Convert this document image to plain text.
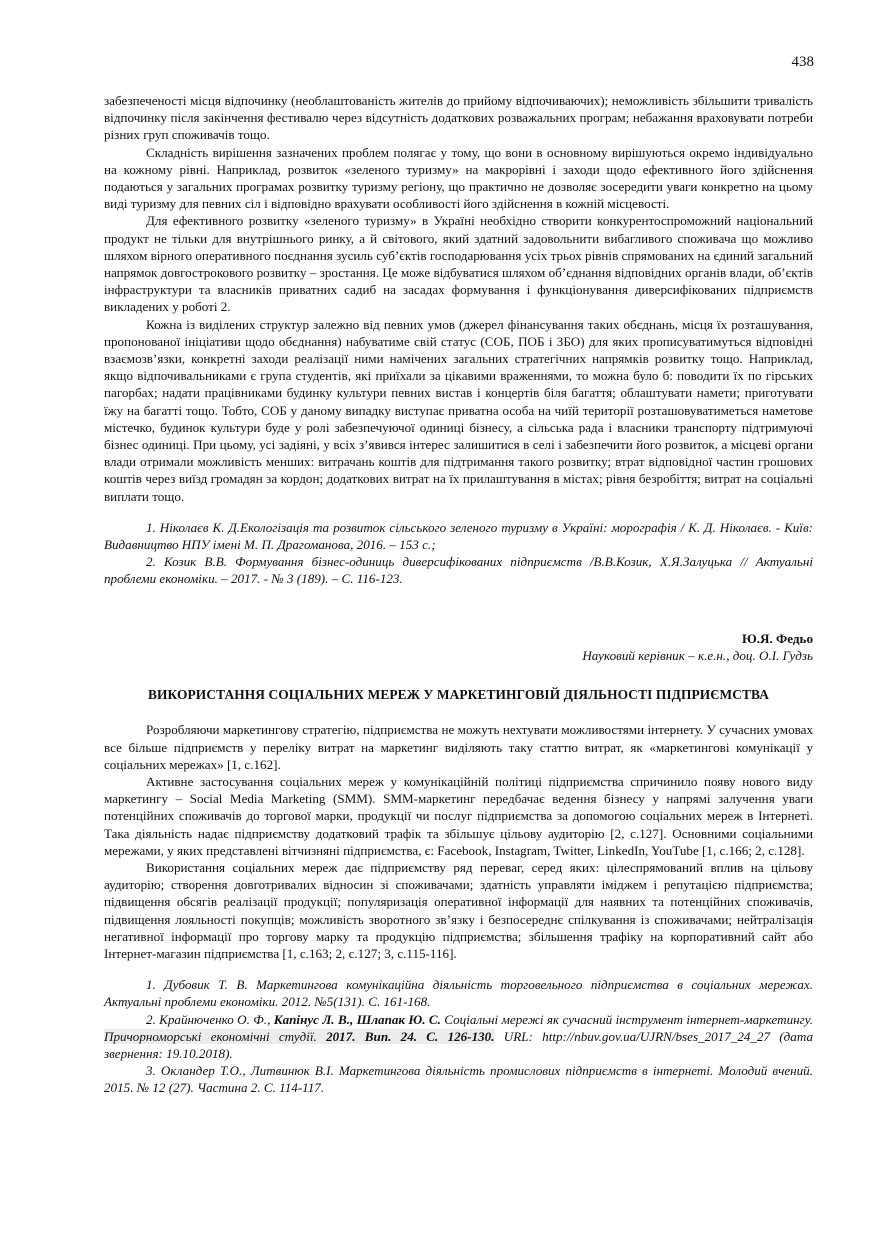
438

забезпеченості місця відпочинку (необлаштованість жителів до прийому відпочиваючих); неможливість збільшити тривалість відпочинку після закінчення фестивалю через відсутність додаткових розважальних програм; небажання враховувати потреби різних груп споживачів тощо.

Складність вирішення зазначених проблем полягає у тому, що вони в основному вирішуються окремо індивідуально на кожному рівні. Наприклад, розвиток «зеленого туризму» на макрорівні і заходи щодо ефективного його здійснення подаються у загальних програмах розвитку туризму регіону, що практично не дозволяє зосередити уваги конкретно на цьому виді туризму для певних сіл і відповідно врахувати особливості його здійснення в кожній місцевості.

Для ефективного розвитку «зеленого туризму» в Україні необхідно створити конкурентоспроможний національний продукт не тільки для внутрішнього ринку, а й світового, який здатний задовольнити вибагливого споживача що можливо шляхом вірного оперативного поєднання зусиль суб’єктів господарювання усіх трьох рівнів спрямованих на єдиний загальний напрямок довгострокового розвитку – зростання. Це може відбуватися шляхом об’єднання відповідних органів влади, об’єктів інфраструктури та власників приватних садиб на засадах формування і функціонування диверсифікованих підприємств викладених у роботі 2.

Кожна із виділених структур залежно від певних умов (джерел фінансування таких обєднань, місця їх розташування, пропонованої ініціативи щодо обєднання) набуватиме свій статус (СОБ, ПОБ і ЗБО) для яких прописуватимуться відповідні взаємозв’язки, конкретні заходи реалізації ними намічених загальних стратегічних напрямків розвитку тощо. Наприклад, якщо відпочивальниками є група студентів, які приїхали за цікавими враженнями, то можна було б: поводити їх по гірських пагорбах; надати працівниками будинку культури певних вистав і концертів біля багаття; облаштувати намети; приготувати їжу на багатті тощо. Тобто, СОБ у даному випадку виступає приватна особа на чиїй території розташовуватиметься наметове містечко, будинок культури буде у ролі забезпечуючої одиниці бізнесу, а сільська рада і власники транспорту підтримуючі бізнес одиниці. При цьому, усі задіяні, у всіх з’явився інтерес залишитися в селі і забезпечити його розвиток, а місцеві органи влади отримали можливість менших: витрачань коштів для підтримання такого розвитку; втрат відповідної частин грошових коштів через виїзд громадян за кордон; додаткових витрат на їх прилаштування в містах; рівня безробіття; витрат на соціальні виплати тощо.

1. Ніколаєв К. Д.Екологізація та розвиток сільського зеленого туризму в Україні: морографія / К. Д. Ніколаєв. - Київ: Видавництво НПУ імені М. П. Драгоманова, 2016. – 153 с.;

2. Козик В.В. Формування бізнес-одиниць диверсифікованих підприємств /В.В.Козик, Х.Я.Залуцька // Актуальні проблеми економіки. – 2017. - № 3 (189). – С. 116-123.

Ю.Я. Федьо
Науковий керівник – к.е.н., доц. О.І. Гудзь
ВИКОРИСТАННЯ СОЦІАЛЬНИХ МЕРЕЖ У МАРКЕТИНГОВІЙ ДІЯЛЬНОСТІ ПІДПРИЄМСТВА

Розробляючи маркетингову стратегію, підприємства не можуть нехтувати можливостями інтернету. У сучасних умовах все більше підприємств у переліку витрат на маркетинг виділяють таку статтю витрат, як «маркетингові комунікації у соціальних мережах» [1, с.162].

Активне застосування соціальних мереж у комунікаційній політиці підприємства спричинило появу нового виду маркетингу – Social Media Marketing (SMM). SMM-маркетинг передбачає ведення бізнесу у напрямі залучення уваги потенційних споживачів до торгової марки, продукції чи послуг підприємства за допомогою соціальних мереж в Інтернеті. Така діяльність надає підприємству додатковий трафік та збільшує цільову аудиторію [2, с.127]. Основними соціальними мережами, у яких представлені вітчизняні підприємства, є: Facebook, Instagram, Twitter, LinkedIn, YouTube [1, с.166; 2, с.128].

Використання соціальних мереж дає підприємству ряд переваг, серед яких: цілеспрямований вплив на цільову аудиторію; створення довготривалих відносин зі споживачами; здатність управляти іміджем і репутацією підприємства; підвищення обсягів реалізації продукції; популяризація оперативної інформації для наявних та потенційних споживачів, підвищення лояльності покупців; можливість зворотного зв’язку і безпосереднє спілкування із споживачами; нейтралізація негативної інформації про торгову марку та продукцію підприємства; збільшення трафіку на корпоративний сайт або Інтернет-магазин підприємства [1, с.163; 2, с.127; 3, с.115-116].

1. Дубовик Т. В. Маркетингова комунікаційна діяльність торговельного підприємства в соціальних мережах. Актуальні проблеми економіки. 2012. №5(131). С. 161-168.

2. Крайнюченко О. Ф., Капінус Л. В., Шлапак Ю. С. Соціальні мережі як сучасний інструмент інтернет-маркетингу. Причорноморські економічні студії. 2017. Вип. 24. С. 126-130. URL: http://nbuv.gov.ua/UJRN/bses_2017_24_27 (дата звернення: 19.10.2018).

3. Окландер Т.О., Литвинюк В.І. Маркетингова діяльність промислових підприємств в інтернеті. Молодий вчений. 2015. № 12 (27). Частина 2. С. 114-117.
